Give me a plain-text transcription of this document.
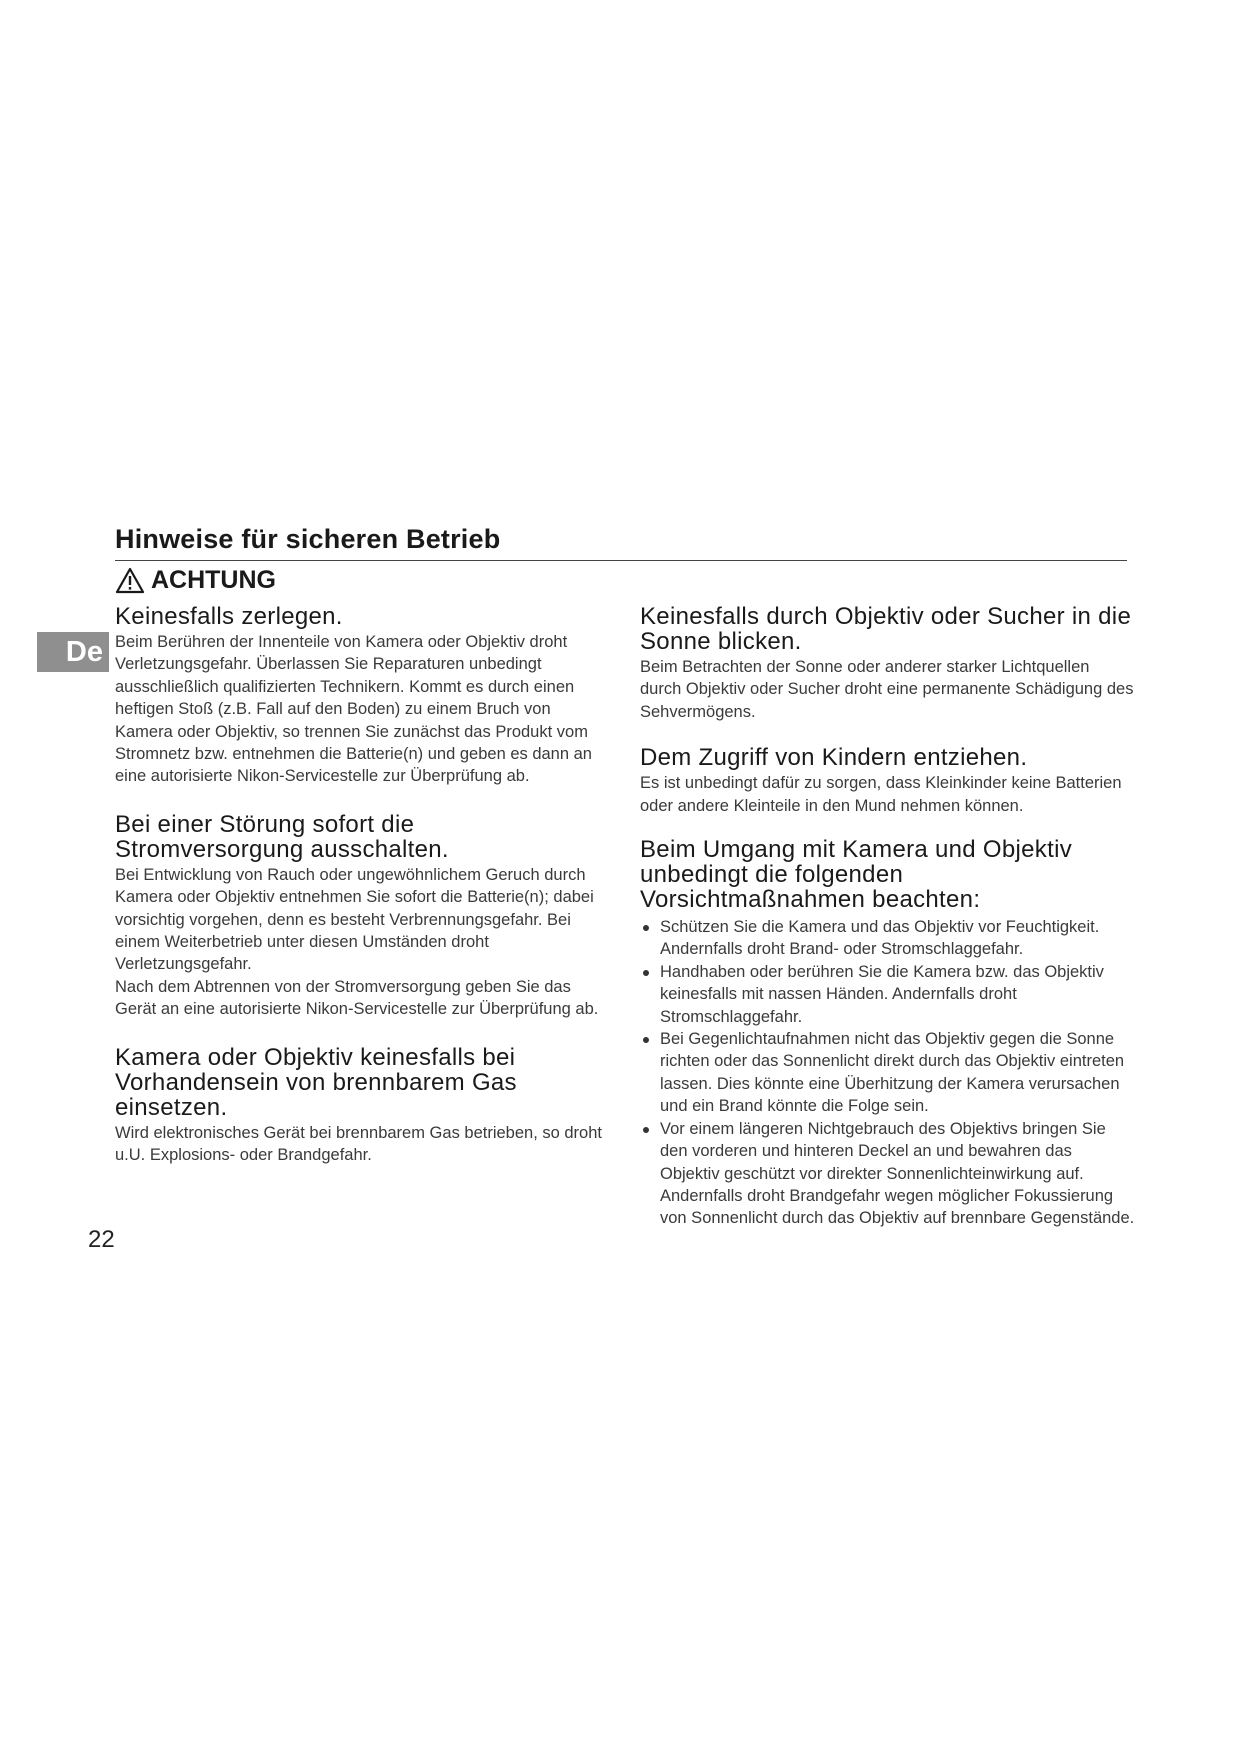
Hinweise für sicheren Betrieb
ACHTUNG
De
Keinesfalls zerlegen.

Beim Berühren der Innenteile von Kamera oder Objektiv droht Verletzungsgefahr. Überlassen Sie Reparaturen unbedingt ausschließlich qualifizierten Technikern. Kommt es durch einen heftigen Stoß (z.B. Fall auf den Boden) zu einem Bruch von Kamera oder Objektiv, so trennen Sie zunächst das Produkt vom Stromnetz bzw. entnehmen die Batterie(n) und geben es dann an eine autorisierte Nikon-Servicestelle zur Überprüfung ab.

Bei einer Störung sofort die Stromversorgung ausschalten.

Bei Entwicklung von Rauch oder ungewöhnlichem Geruch durch Kamera oder Objektiv entnehmen Sie sofort die Batterie(n); dabei vorsichtig vorgehen, denn es besteht Verbrennungsgefahr. Bei einem Weiterbetrieb unter diesen Umständen droht Verletzungsgefahr.

Nach dem Abtrennen von der Stromversorgung geben Sie das Gerät an eine autorisierte Nikon-Servicestelle zur Überprüfung ab.

Kamera oder Objektiv keinesfalls bei Vorhandensein von brennbarem Gas einsetzen.

Wird elektronisches Gerät bei brennbarem Gas betrieben, so droht u.U. Explosions- oder Brandgefahr.

Keinesfalls durch Objektiv oder Sucher in die Sonne blicken.

Beim Betrachten der Sonne oder anderer starker Lichtquellen durch Objektiv oder Sucher droht eine permanente Schädigung des Sehvermögens.

Dem Zugriff von Kindern entziehen.

Es ist unbedingt dafür zu sorgen, dass Kleinkinder keine Batterien oder andere Kleinteile in den Mund nehmen können.

Beim Umgang mit Kamera und Objektiv unbedingt die folgenden Vorsichtmaßnahmen beachten:
Schützen Sie die Kamera und das Objektiv vor Feuchtigkeit. Andernfalls droht Brand- oder Stromschlaggefahr.
Handhaben oder berühren Sie die Kamera bzw. das Objektiv keinesfalls mit nassen Händen. Andernfalls droht Stromschlaggefahr.
Bei Gegenlichtaufnahmen nicht das Objektiv gegen die Sonne richten oder das Sonnenlicht direkt durch das Objektiv eintreten lassen. Dies könnte eine Überhitzung der Kamera verursachen und ein Brand könnte die Folge sein.
Vor einem längeren Nichtgebrauch des Objektivs bringen Sie den vorderen und hinteren Deckel an und bewahren das Objektiv geschützt vor direkter Sonnenlichteinwirkung auf. Andernfalls droht Brandgefahr wegen möglicher Fokussierung von Sonnenlicht durch das Objektiv auf brennbare Gegenstände.
22
